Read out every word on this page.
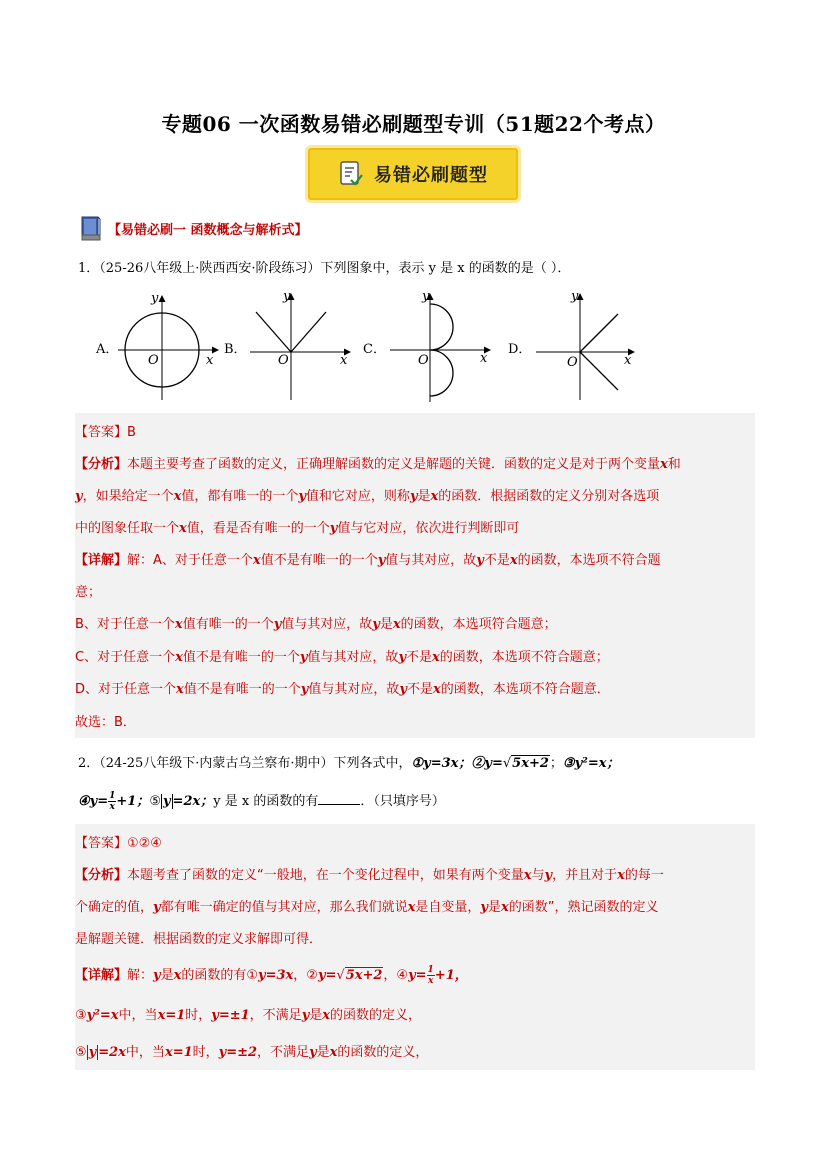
专题06 一次函数易错必刷题型专训（51题22个考点）
易错必刷题型
【易错必刷一 函数概念与解析式】
1．（25-26八年级上·陕西西安·阶段练习）下列图象中，表示 y 是 x 的函数的是（ ）．
A．
y
x
O
B．
y
x
O
C．
y
x
O
D．
y
x
O
【答案】B
【分析】本题主要考查了函数的定义，正确理解函数的定义是解题的关键．函数的定义是对于两个变量x和
y，如果给定一个x值，都有唯一的一个y值和它对应，则称y是x的函数．根据函数的定义分别对各选项
中的图象任取一个x值，看是否有唯一的一个y值与它对应，依次进行判断即可
【详解】解：A、对于任意一个x值不是有唯一的一个y值与其对应，故y不是x的函数，本选项不符合题
意；
B、对于任意一个x值有唯一的一个y值与其对应，故y是x的函数，本选项符合题意；
C、对于任意一个x值不是有唯一的一个y值与其对应，故y不是x的函数，本选项不符合题意；
D、对于任意一个x值不是有唯一的一个y值与其对应，故y不是x的函数，本选项不符合题意．
故选：B．
2．（24-25八年级下·内蒙古乌兰察布·期中）下列各式中，①y=3x；②y=√5x+2；③y²=x；
④y= $\frac{1}{x} +1$；⑤ y =2x；y 是 x 的函数的有	．（只填序号）
【答案】①②④
【分析】本题考查了函数的定义“一般地，在一个变化过程中，如果有两个变量x与y，并且对于x的每一
个确定的值，y都有唯一确定的值与其对应，那么我们就说x是自变量，y是x的函数”，熟记函数的定义
是解题关键．根据函数的定义求解即可得．
【详解】解：y是x的函数的有①y=3x，②y=√5x+2，④y= $\frac{1}{x} +1$，
③y²=x中，当x=1时，y=±1，不满足y是x的函数的定义，
⑤ y =2x中，当x=1时，y=±2，不满足y是x的函数的定义，
